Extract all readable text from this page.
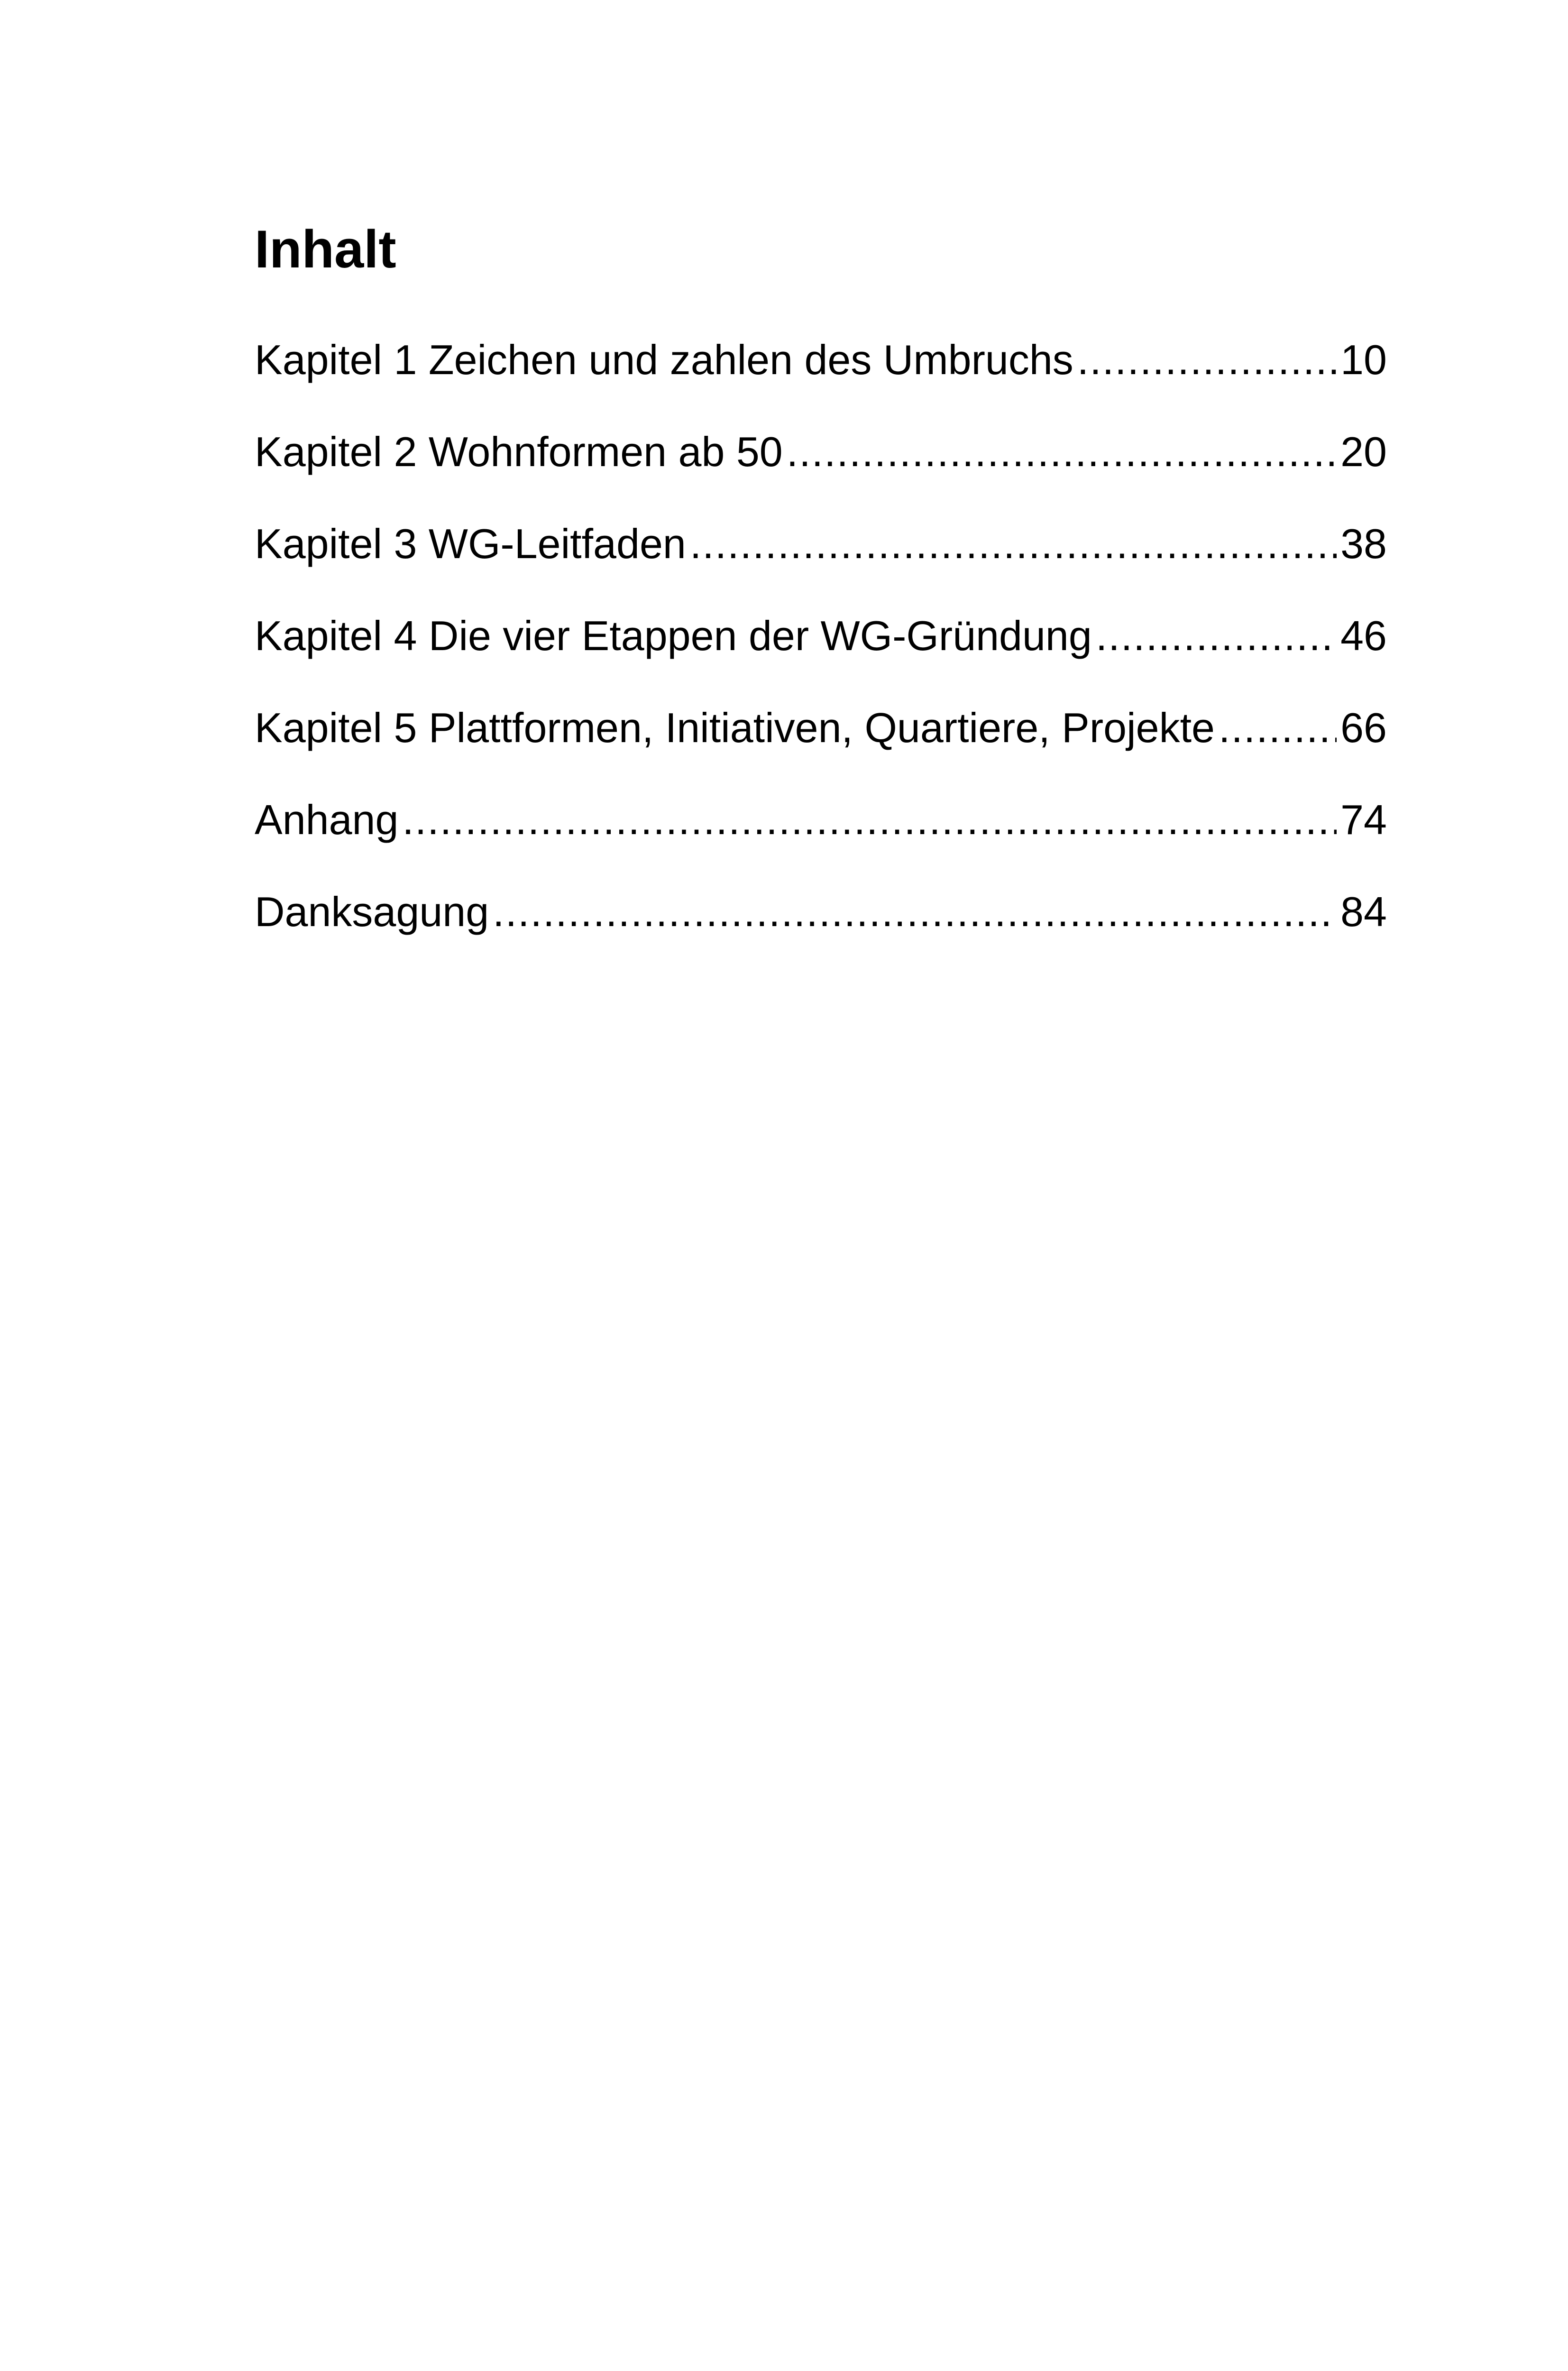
Inhalt
Kapitel 1 Zeichen und zahlen des Umbruchs .....	10
Kapitel 2 Wohnformen ab 50 .....	20
Kapitel 3 WG-Leitfaden .....	38
Kapitel 4 Die vier Etappen der WG-Gründung .....	46
Kapitel 5 Plattformen, Initiativen, Quartiere, Projekte .....	66
Anhang .....	74
Danksagung .....	84
